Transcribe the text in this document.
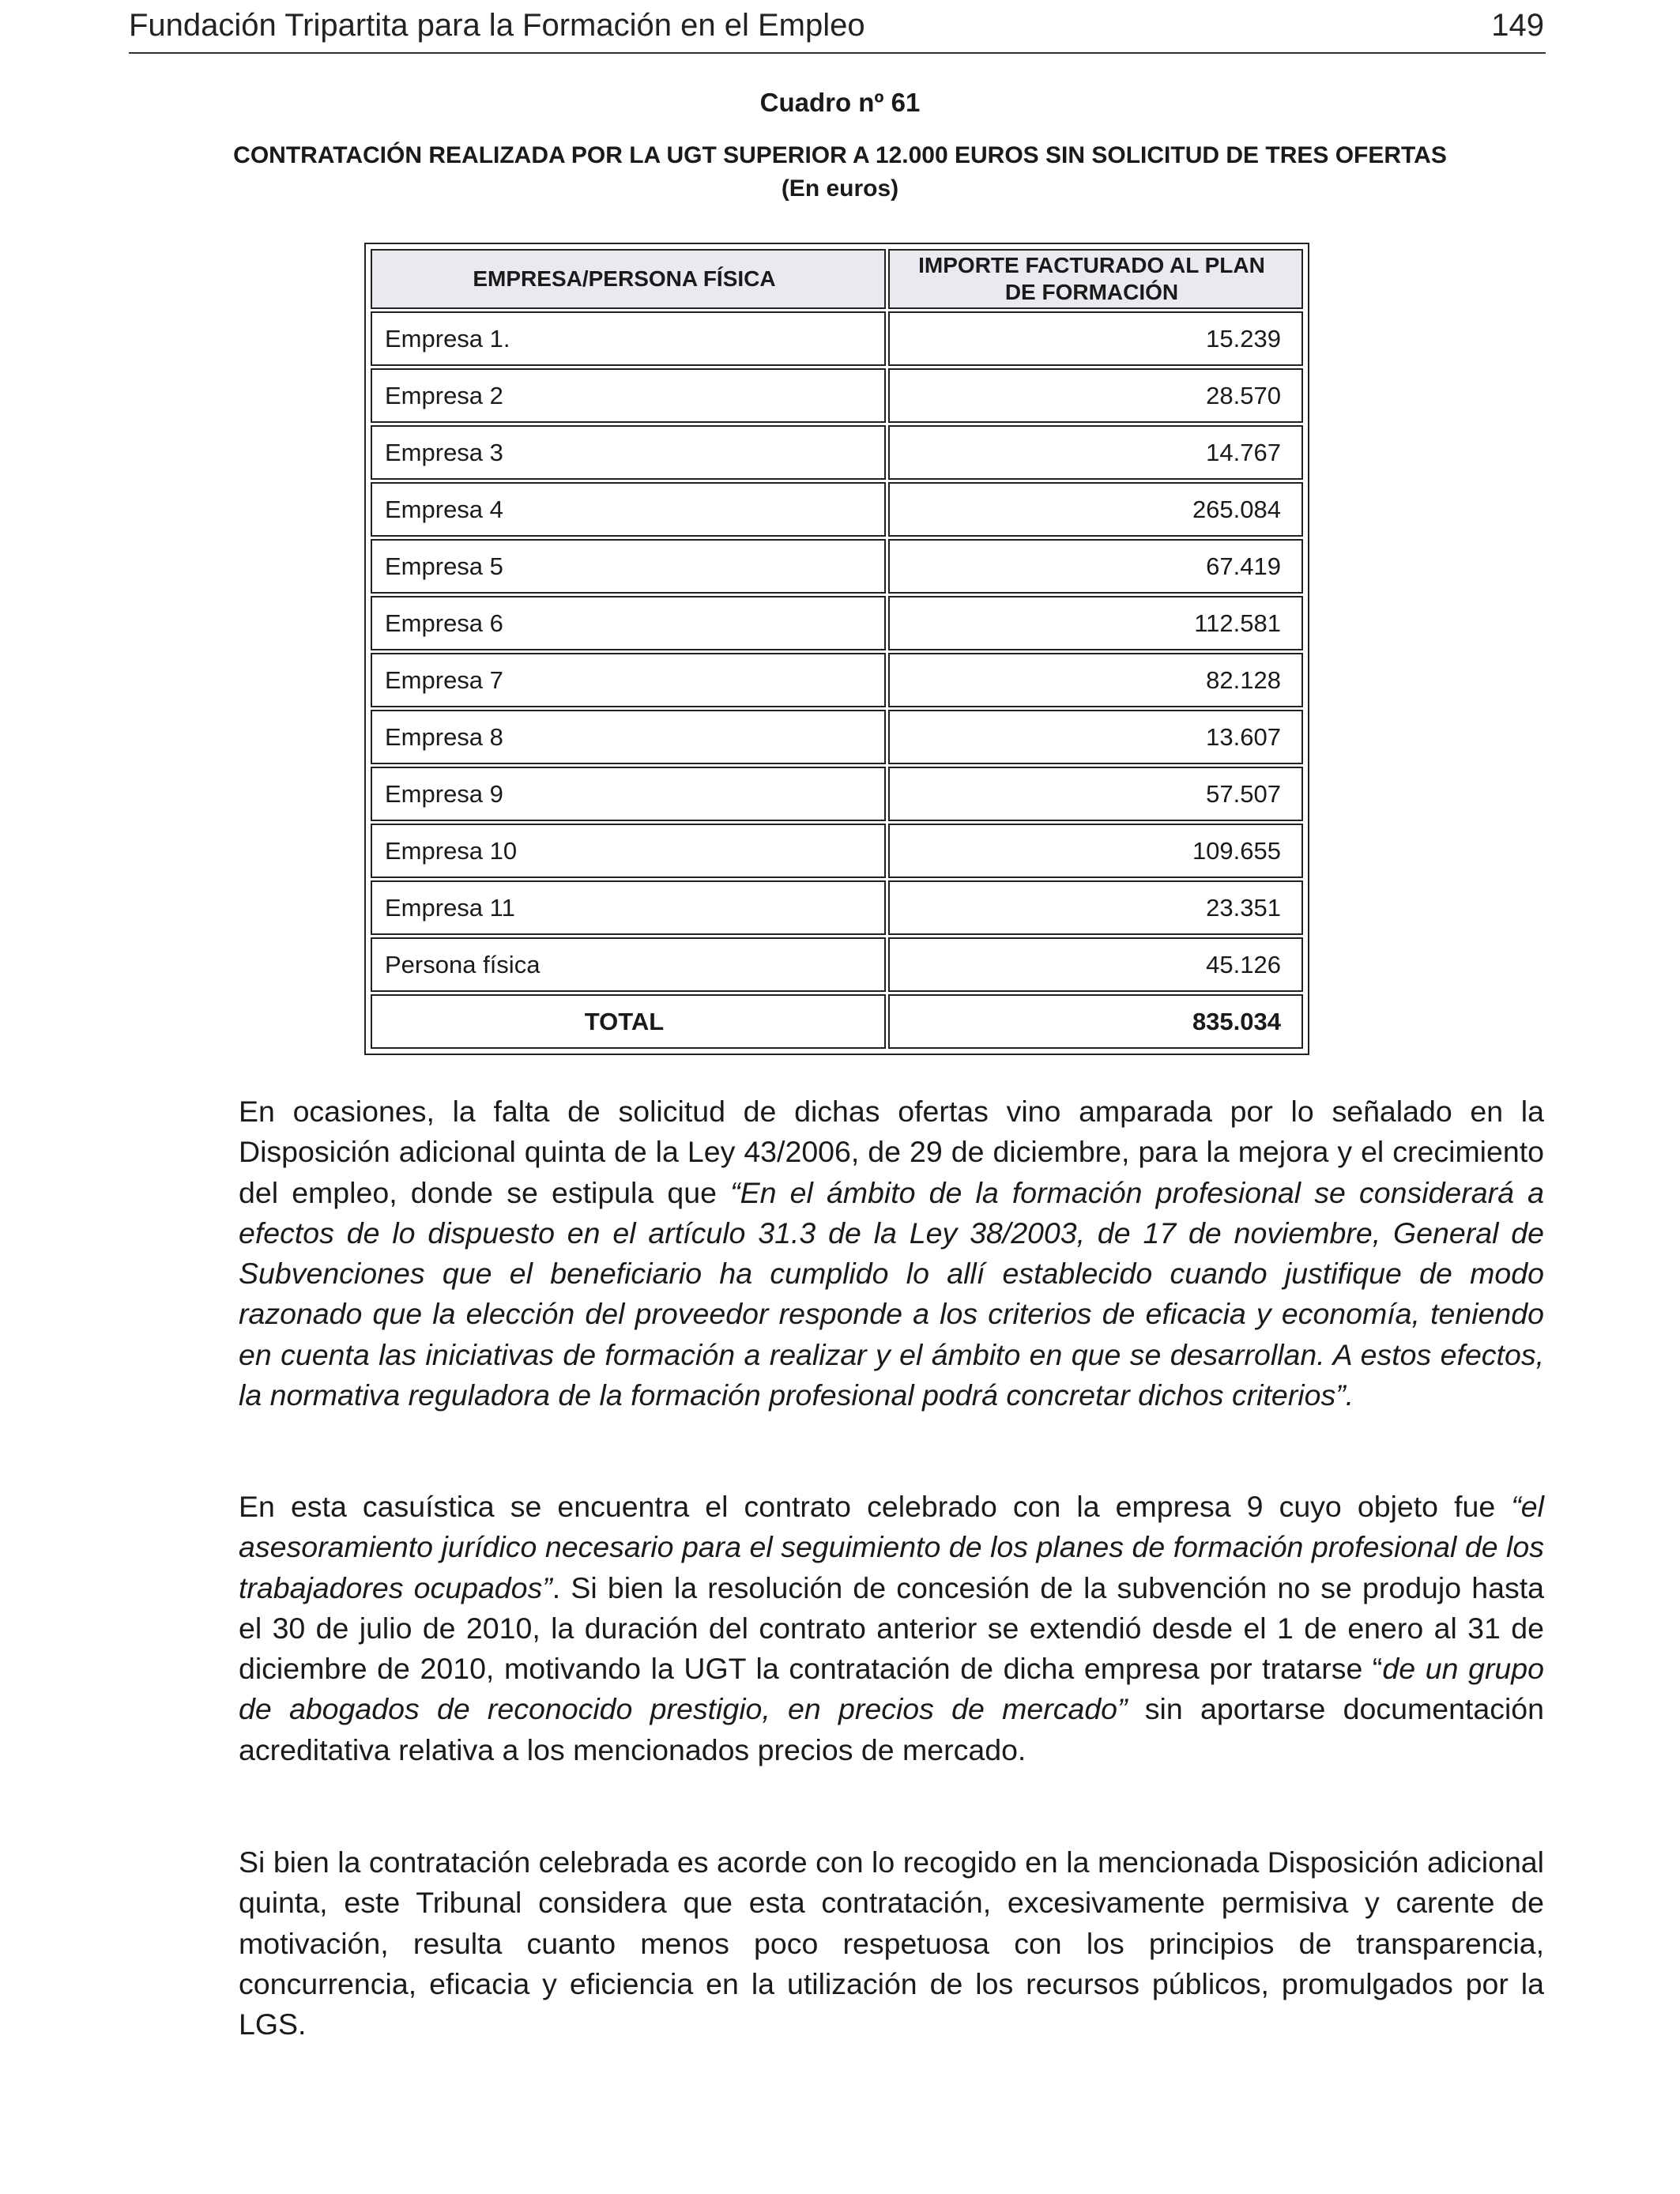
Fundación Tripartita para la Formación en el Empleo	149
Cuadro nº 61
CONTRATACIÓN REALIZADA POR LA UGT SUPERIOR A 12.000 EUROS SIN SOLICITUD DE TRES OFERTAS
(En euros)
EMPRESA/PERSONA FÍSICA	IMPORTE FACTURADO AL PLAN DE FORMACIÓN
Empresa 1.	15.239
Empresa 2	28.570
Empresa 3	14.767
Empresa 4	265.084
Empresa 5	67.419
Empresa 6	112.581
Empresa 7	82.128
Empresa 8	13.607
Empresa 9	57.507
Empresa 10	109.655
Empresa 11	23.351
Persona física	45.126
TOTAL	835.034

En ocasiones, la falta de solicitud de dichas ofertas vino amparada por lo señalado en la Disposición adicional quinta de la Ley 43/2006, de 29 de diciembre, para la mejora y el crecimiento del empleo, donde se estipula que “En el ámbito de la formación profesional se considerará a efectos de lo dispuesto en el artículo 31.3 de la Ley 38/2003, de 17 de noviembre, General de Subvenciones que el beneficiario ha cumplido lo allí establecido cuando justifique de modo razonado que la elección del proveedor responde a los criterios de eficacia y economía, teniendo en cuenta las iniciativas de formación a realizar y el ámbito en que se desarrollan. A estos efectos, la normativa reguladora de la formación profesional podrá concretar dichos criterios”.

En esta casuística se encuentra el contrato celebrado con la empresa 9 cuyo objeto fue “el asesoramiento jurídico necesario para el seguimiento de los planes de formación profesional de los trabajadores ocupados”. Si bien la resolución de concesión de la subvención no se produjo hasta el 30 de julio de 2010, la duración del contrato anterior se extendió desde el 1 de enero al 31 de diciembre de 2010, motivando la UGT la contratación de dicha empresa por tratarse “de un grupo de abogados de reconocido prestigio, en precios de mercado” sin aportarse documentación acreditativa relativa a los mencionados precios de mercado.

Si bien la contratación celebrada es acorde con lo recogido en la mencionada Disposición adicional quinta, este Tribunal considera que esta contratación, excesivamente permisiva y carente de motivación, resulta cuanto menos poco respetuosa con los principios de transparencia, concurrencia, eficacia y eficiencia en la utilización de los recursos públicos, promulgados por la LGS.
